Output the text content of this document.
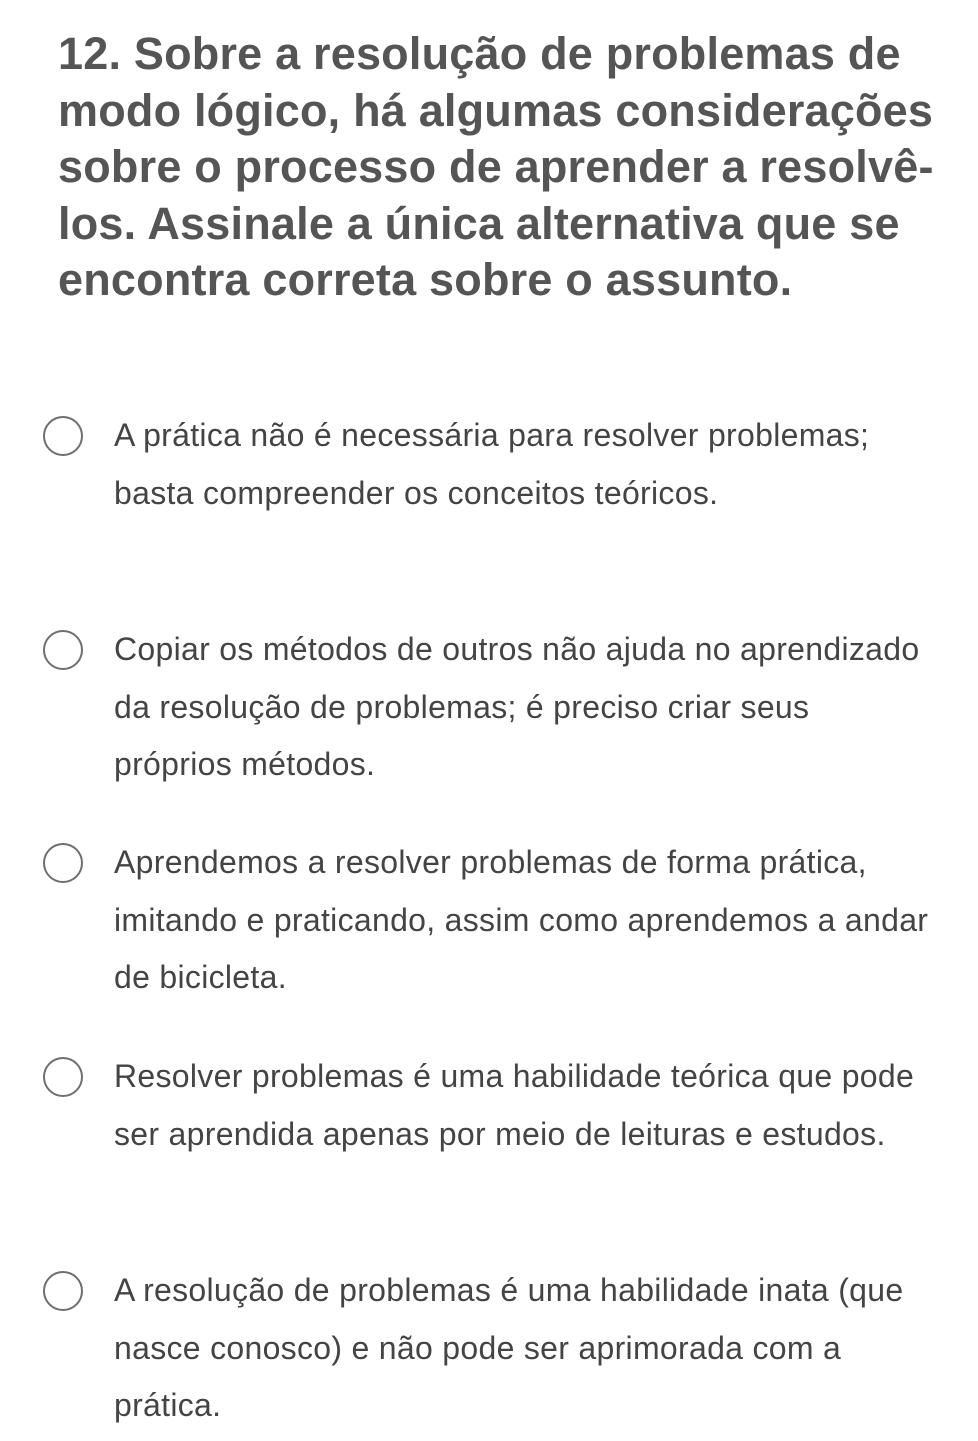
12. Sobre a resolução de problemas de modo lógico, há algumas considerações sobre o processo de aprender a resolvê-los. Assinale a única alternativa que se encontra correta sobre o assunto.
A prática não é necessária para resolver problemas; basta compreender os conceitos teóricos.
Copiar os métodos de outros não ajuda no aprendizado da resolução de problemas; é preciso criar seus próprios métodos.
Aprendemos a resolver problemas de forma prática, imitando e praticando, assim como aprendemos a andar de bicicleta.
Resolver problemas é uma habilidade teórica que pode ser aprendida apenas por meio de leituras e estudos.
A resolução de problemas é uma habilidade inata (que nasce conosco) e não pode ser aprimorada com a prática.
